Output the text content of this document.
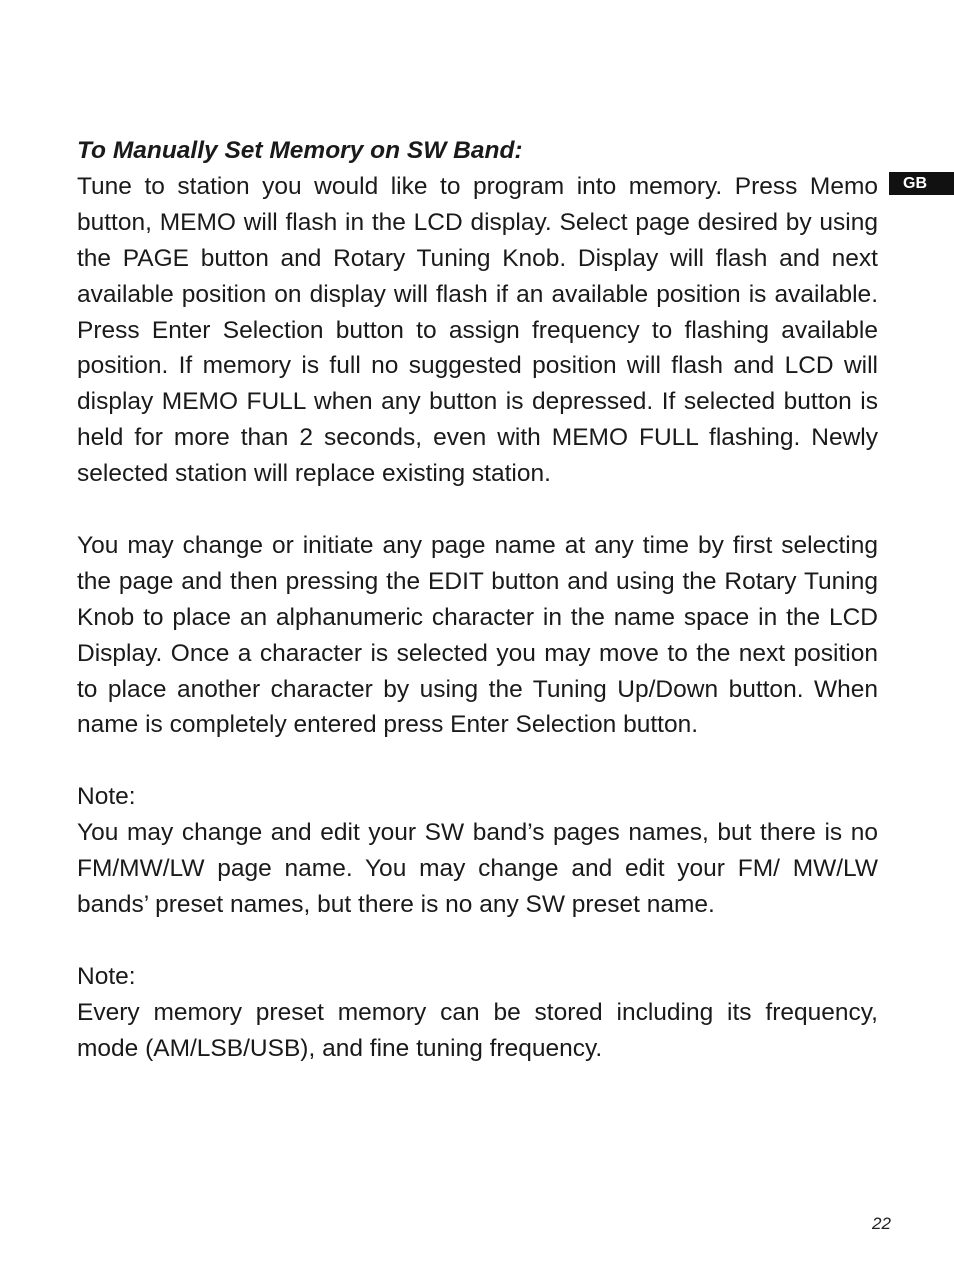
GB

To Manually Set Memory on SW Band:

Tune to station you would like to program into memory. Press Memo button, MEMO will flash in the LCD display. Select page desired by using the PAGE button and Rotary Tuning Knob. Display will flash and next available position on display will flash if an available position is available. Press Enter Selection button to assign frequency to flashing available position. If memory is full no suggested position will flash and LCD will display MEMO FULL when any button is depressed. If selected button is held for more than 2 seconds, even with MEMO FULL flashing. Newly selected station will replace existing station.

You may change or initiate any page name at any time by first selecting the page and then pressing the EDIT button and using the Rotary Tuning Knob to place an alphanumeric character in the name space in the LCD Display. Once a character is selected you may move to the next position to place another character by using the Tuning Up/Down button. When name is completely entered press Enter Selection button.

Note:

You may change and edit your SW band’s pages names, but there is no FM/MW/LW page name. You may change and edit your FM/ MW/LW bands’ preset names, but there is no any SW preset name.

Note:

Every memory preset memory can be stored including its frequency, mode (AM/LSB/USB), and fine tuning frequency.

22
